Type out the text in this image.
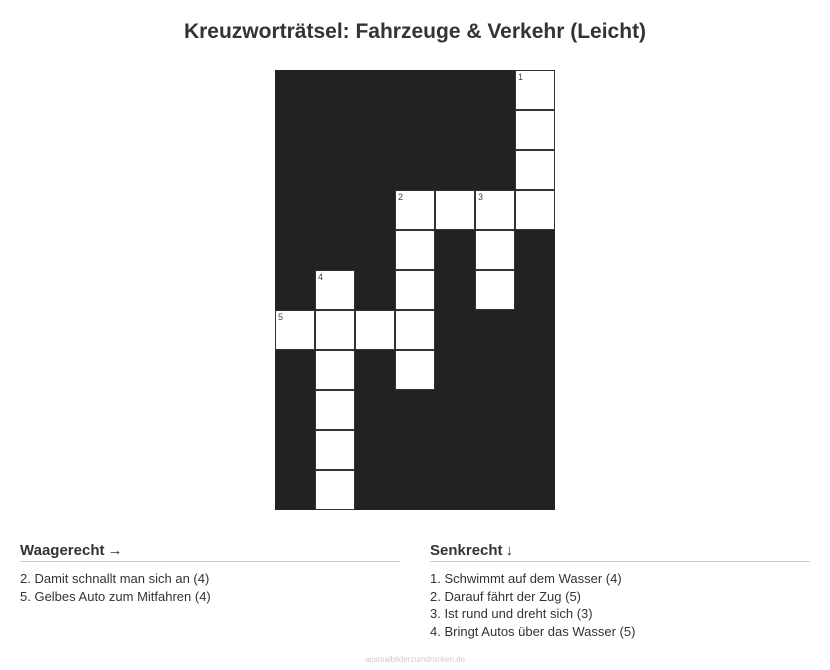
Kreuzworträtsel: Fahrzeuge & Verkehr (Leicht)
1
2	3
4
5
Waagerecht →
2. Damit schnallt man sich an (4)
5. Gelbes Auto zum Mitfahren (4)
Senkrecht ↓
1. Schwimmt auf dem Wasser (4)
2. Darauf fährt der Zug (5)
3. Ist rund und dreht sich (3)
4. Bringt Autos über das Wasser (5)
ausmalbilderzumdrucken.de
